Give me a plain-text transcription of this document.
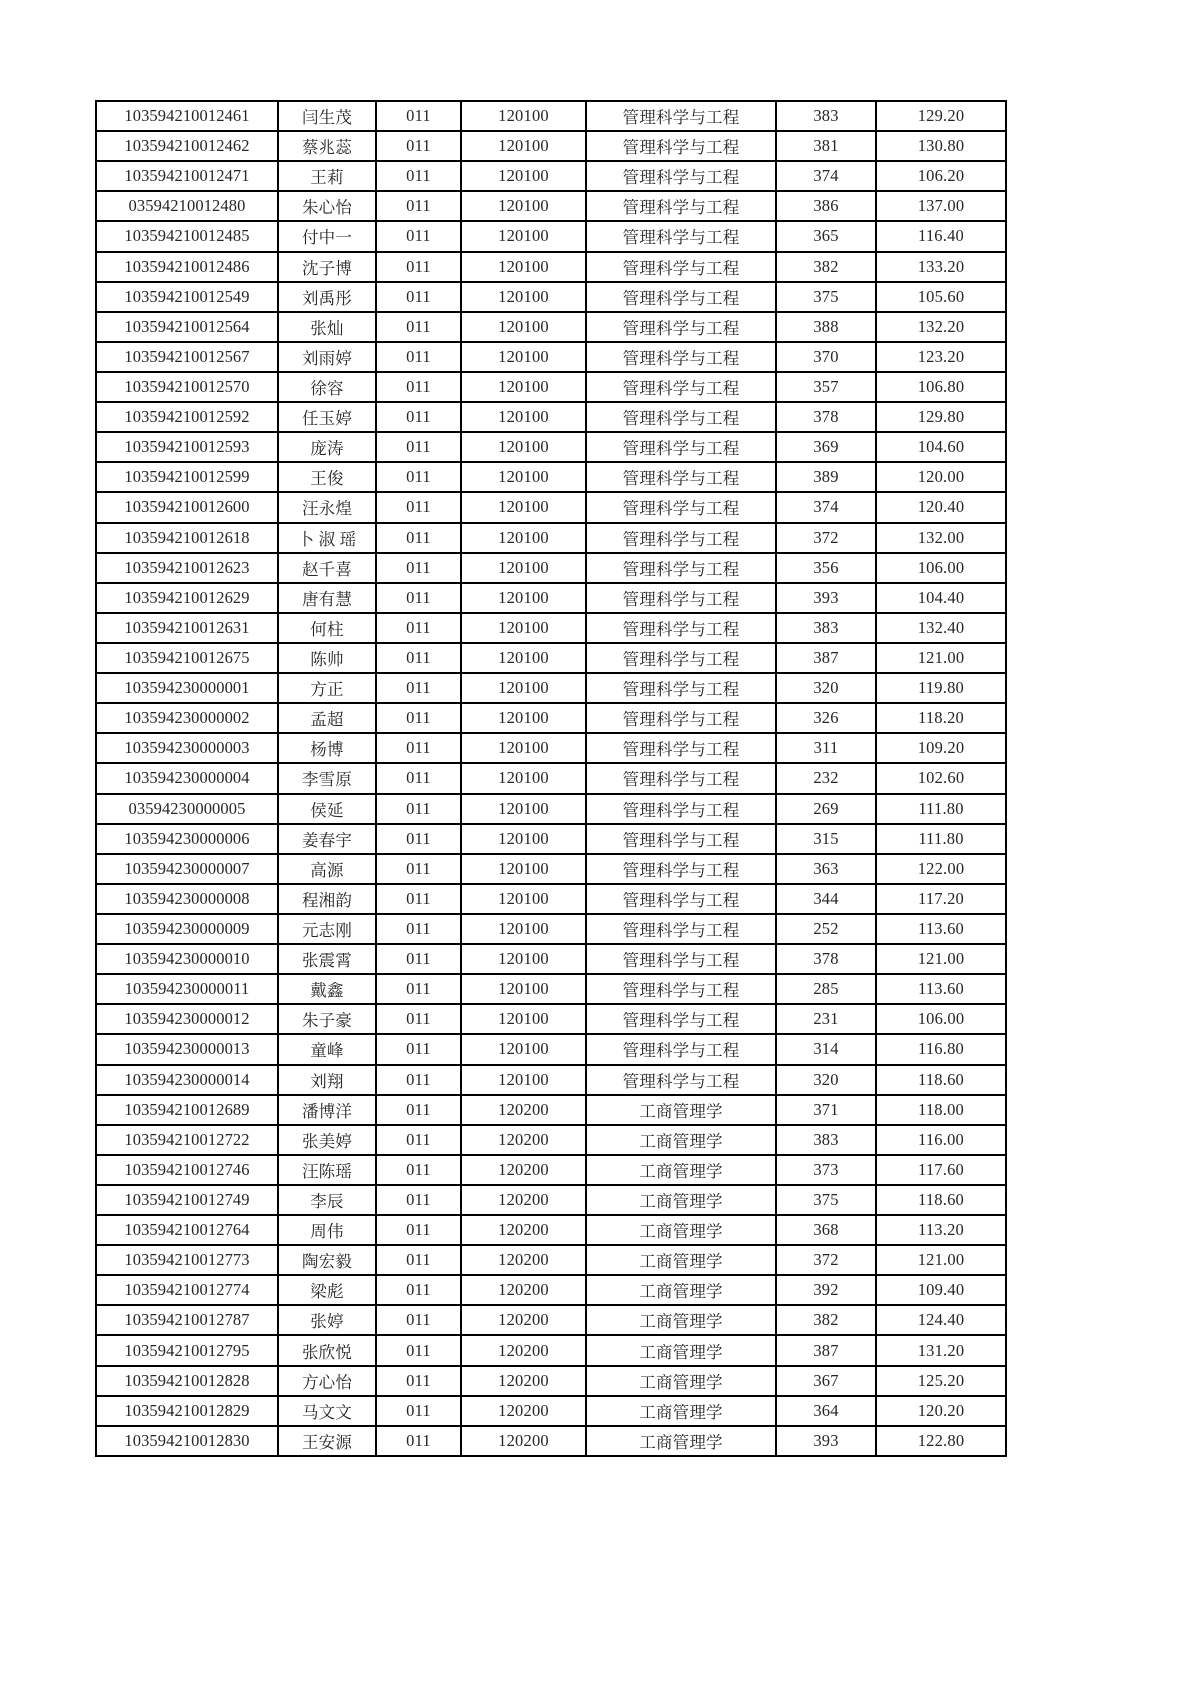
103594210012461	闫生茂	011	120100	管理科学与工程	383	129.20
103594210012462	蔡兆蕊	011	120100	管理科学与工程	381	130.80
103594210012471	王莉	011	120100	管理科学与工程	374	106.20
03594210012480	朱心怡	011	120100	管理科学与工程	386	137.00
103594210012485	付中一	011	120100	管理科学与工程	365	116.40
103594210012486	沈子博	011	120100	管理科学与工程	382	133.20
103594210012549	刘禹彤	011	120100	管理科学与工程	375	105.60
103594210012564	张灿	011	120100	管理科学与工程	388	132.20
103594210012567	刘雨婷	011	120100	管理科学与工程	370	123.20
103594210012570	徐容	011	120100	管理科学与工程	357	106.80
103594210012592	任玉婷	011	120100	管理科学与工程	378	129.80
103594210012593	庞涛	011	120100	管理科学与工程	369	104.60
103594210012599	王俊	011	120100	管理科学与工程	389	120.00
103594210012600	汪永煌	011	120100	管理科学与工程	374	120.40
103594210012618	卜 淑 瑶	011	120100	管理科学与工程	372	132.00
103594210012623	赵千喜	011	120100	管理科学与工程	356	106.00
103594210012629	唐有慧	011	120100	管理科学与工程	393	104.40
103594210012631	何柱	011	120100	管理科学与工程	383	132.40
103594210012675	陈帅	011	120100	管理科学与工程	387	121.00
103594230000001	方正	011	120100	管理科学与工程	320	119.80
103594230000002	孟超	011	120100	管理科学与工程	326	118.20
103594230000003	杨博	011	120100	管理科学与工程	311	109.20
103594230000004	李雪原	011	120100	管理科学与工程	232	102.60
03594230000005	侯延	011	120100	管理科学与工程	269	111.80
103594230000006	姜春宇	011	120100	管理科学与工程	315	111.80
103594230000007	高源	011	120100	管理科学与工程	363	122.00
103594230000008	程湘韵	011	120100	管理科学与工程	344	117.20
103594230000009	元志刚	011	120100	管理科学与工程	252	113.60
103594230000010	张震霄	011	120100	管理科学与工程	378	121.00
103594230000011	戴鑫	011	120100	管理科学与工程	285	113.60
103594230000012	朱子豪	011	120100	管理科学与工程	231	106.00
103594230000013	童峰	011	120100	管理科学与工程	314	116.80
103594230000014	刘翔	011	120100	管理科学与工程	320	118.60
103594210012689	潘博洋	011	120200	工商管理学	371	118.00
103594210012722	张美婷	011	120200	工商管理学	383	116.00
103594210012746	汪陈瑶	011	120200	工商管理学	373	117.60
103594210012749	李辰	011	120200	工商管理学	375	118.60
103594210012764	周伟	011	120200	工商管理学	368	113.20
103594210012773	陶宏毅	011	120200	工商管理学	372	121.00
103594210012774	梁彪	011	120200	工商管理学	392	109.40
103594210012787	张婷	011	120200	工商管理学	382	124.40
103594210012795	张欣悦	011	120200	工商管理学	387	131.20
103594210012828	方心怡	011	120200	工商管理学	367	125.20
103594210012829	马文文	011	120200	工商管理学	364	120.20
103594210012830	王安源	011	120200	工商管理学	393	122.80
